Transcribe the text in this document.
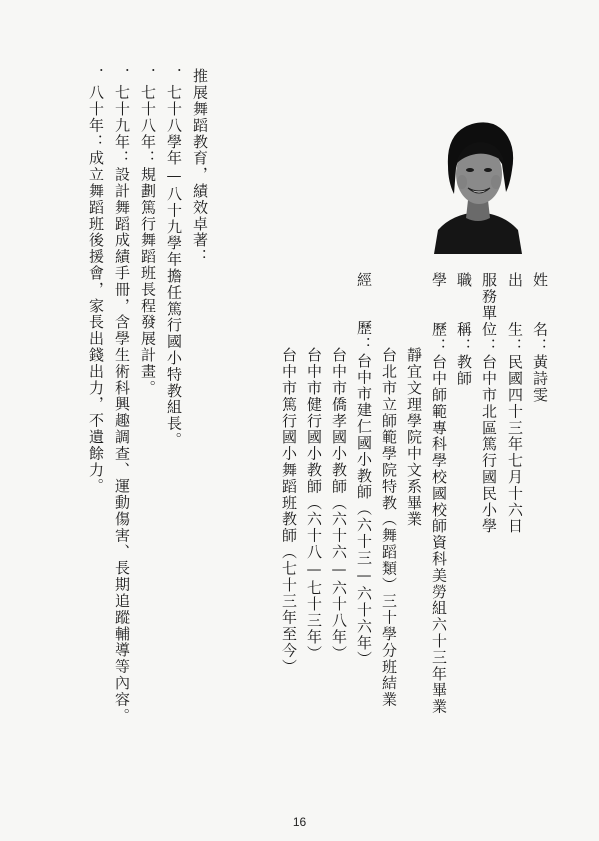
姓　　名：黃詩雯
出　　生：民國四十三年七月十六日
服務單位：台中市北區篤行國民小學
職　　稱：教師
學　　歷：台中師範專科學校國校師資科美勞組六十三年畢業
靜宜文理學院中文系畢業
台北市立師範學院特教（舞蹈類）三十學分班結業
經
歷：台中市建仁國小教師（六十三—六十六年）
台中市僑孝國小教師（六十六—六十八年）
台中市健行國小教師（六十八—七十三年）
台中市篤行國小舞蹈班教師（七十三年至今）
推展舞蹈教育，績效卓著：
．七十八學年—八十九學年擔任篤行國小特教組長。
．七十八年：規劃篤行舞蹈班長程發展計畫。
．七十九年：設計舞蹈成績手冊，含學生術科興趣調查、運動傷害、長期追蹤輔導等內容。
．八十年：成立舞蹈班後援會，家長出錢出力，不遺餘力。
16
